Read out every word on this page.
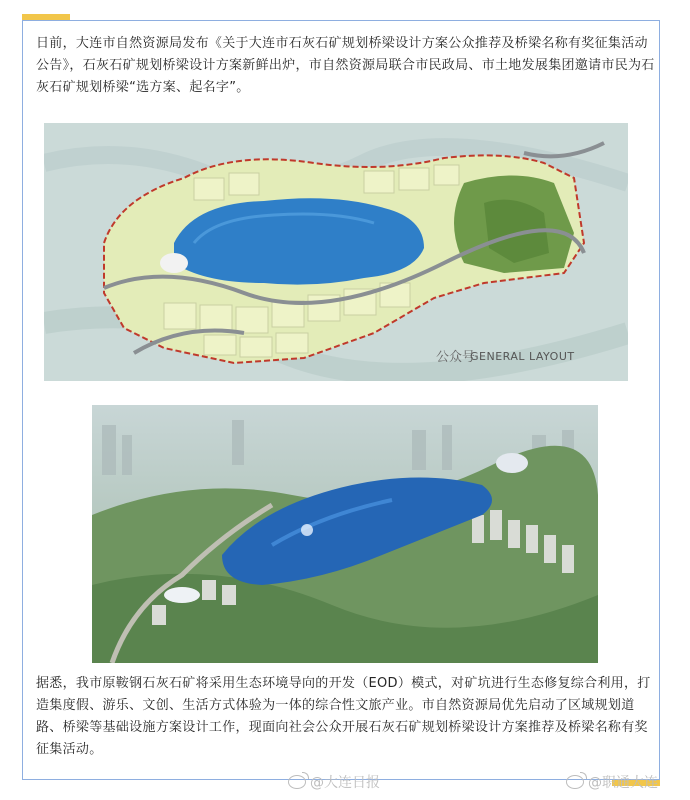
日前，大连市自然资源局发布《关于大连市石灰石矿规划桥梁设计方案公众推荐及桥梁名称有奖征集活动公告》，石灰石矿规划桥梁设计方案新鲜出炉，市自然资源局联合市民政局、市土地发展集团邀请市民为石灰石矿规划桥梁“选方案、起名字”。

公众号
GENERAL LAYOUT

据悉，我市原鞍钢石灰石矿将采用生态环境导向的开发（EOD）模式，对矿坑进行生态修复综合利用，打造集度假、游乐、文创、生活方式体验为一体的综合性文旅产业。市自然资源局优先启动了区域规划道路、桥梁等基础设施方案设计工作，现面向社会公众开展石灰石矿规划桥梁设计方案推荐及桥梁名称有奖征集活动。

@大连日报	@职通大连
